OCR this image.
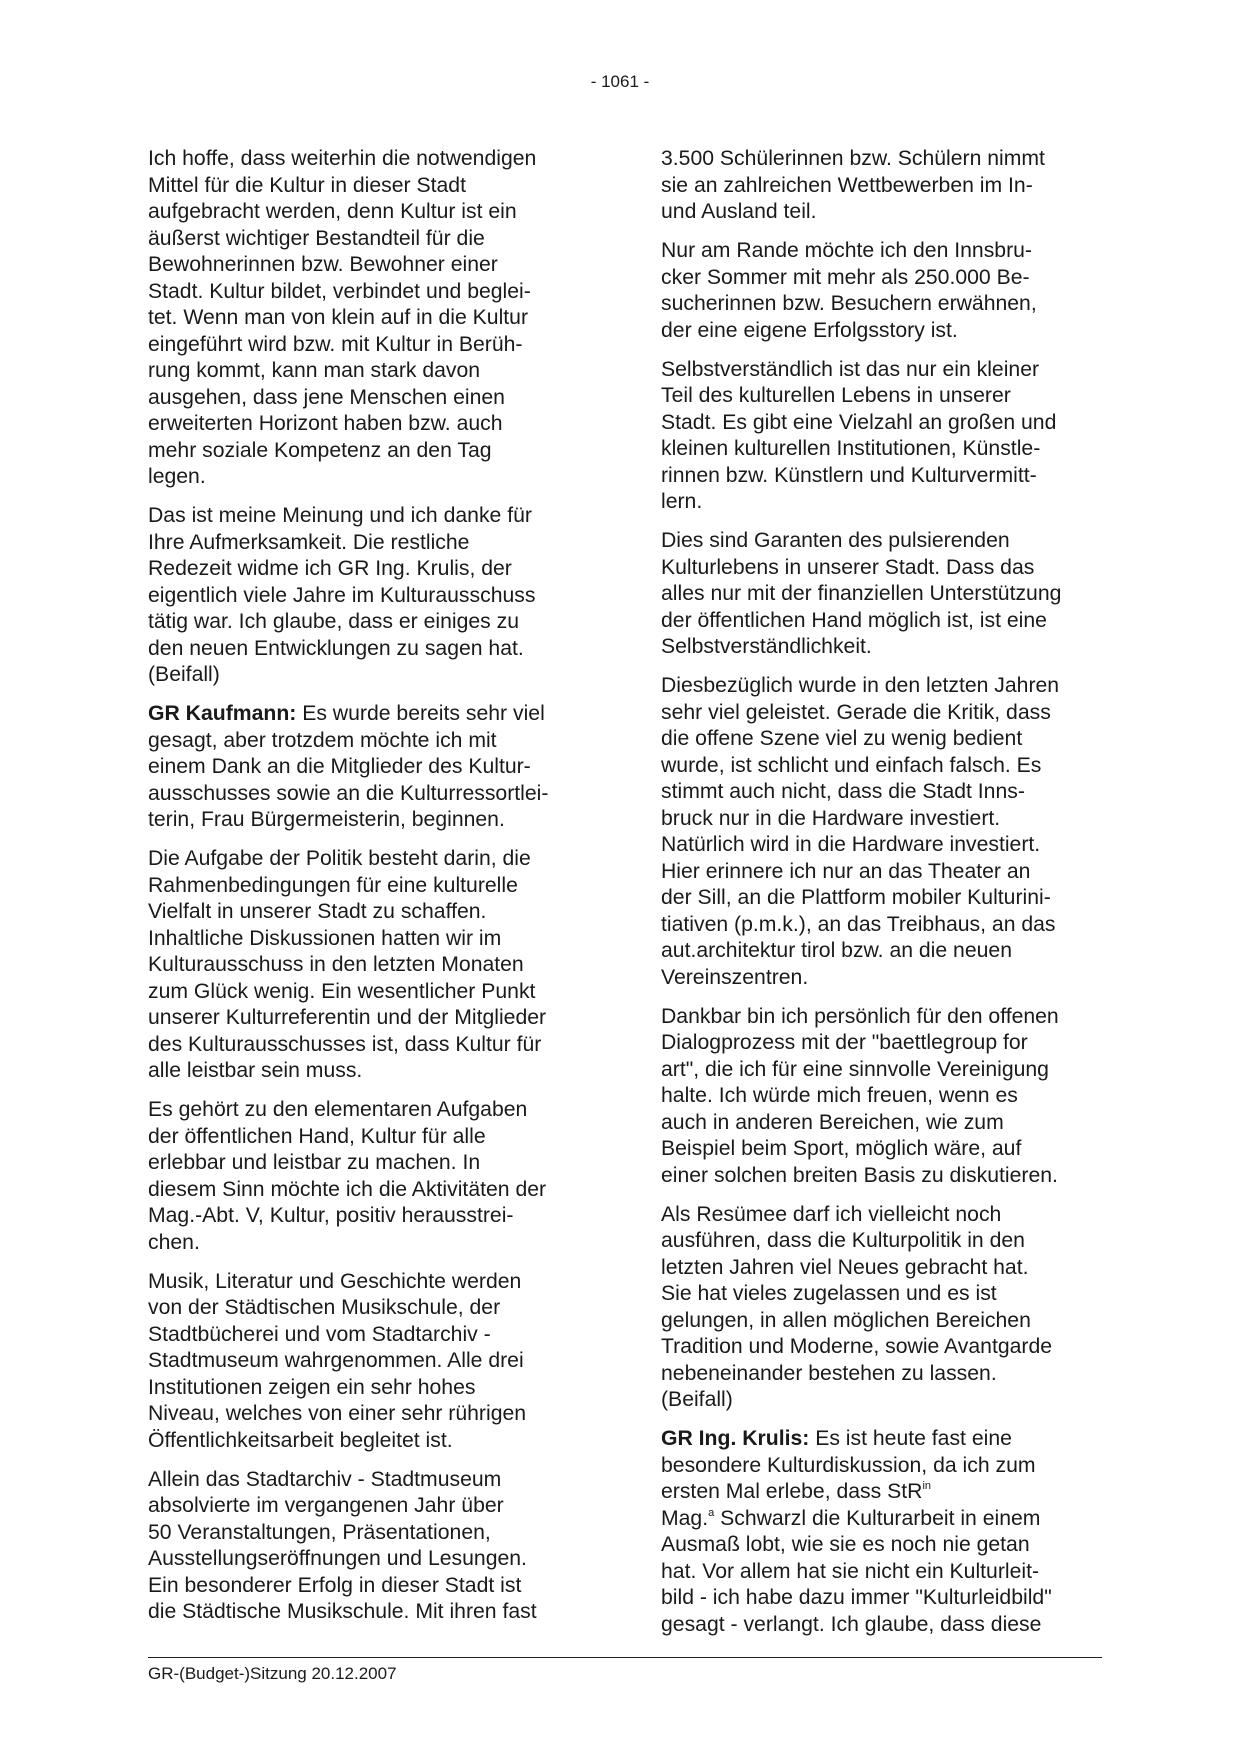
- 1061 -

Ich hoffe, dass weiterhin die notwendigen
Mittel für die Kultur in dieser Stadt
aufgebracht werden, denn Kultur ist ein
äußerst wichtiger Bestandteil für die
Bewohnerinnen bzw. Bewohner einer
Stadt. Kultur bildet, verbindet und beglei-
tet. Wenn man von klein auf in die Kultur
eingeführt wird bzw. mit Kultur in Berüh-
rung kommt, kann man stark davon
ausgehen, dass jene Menschen einen
erweiterten Horizont haben bzw. auch
mehr soziale Kompetenz an den Tag
legen.

Das ist meine Meinung und ich danke für
Ihre Aufmerksamkeit. Die restliche
Redezeit widme ich GR Ing. Krulis, der
eigentlich viele Jahre im Kulturausschuss
tätig war. Ich glaube, dass er einiges zu
den neuen Entwicklungen zu sagen hat.
(Beifall)

GR Kaufmann: Es wurde bereits sehr viel
gesagt, aber trotzdem möchte ich mit
einem Dank an die Mitglieder des Kultur-
ausschusses sowie an die Kulturressortlei-
terin, Frau Bürgermeisterin, beginnen.

Die Aufgabe der Politik besteht darin, die
Rahmenbedingungen für eine kulturelle
Vielfalt in unserer Stadt zu schaffen.
Inhaltliche Diskussionen hatten wir im
Kulturausschuss in den letzten Monaten
zum Glück wenig. Ein wesentlicher Punkt
unserer Kulturreferentin und der Mitglieder
des Kulturausschusses ist, dass Kultur für
alle leistbar sein muss.

Es gehört zu den elementaren Aufgaben
der öffentlichen Hand, Kultur für alle
erlebbar und leistbar zu machen. In
diesem Sinn möchte ich die Aktivitäten der
Mag.-Abt. V, Kultur, positiv herausstrei-
chen.

Musik, Literatur und Geschichte werden
von der Städtischen Musikschule, der
Stadtbücherei und vom Stadtarchiv -
Stadtmuseum wahrgenommen. Alle drei
Institutionen zeigen ein sehr hohes
Niveau, welches von einer sehr rührigen
Öffentlichkeitsarbeit begleitet ist.

Allein das Stadtarchiv - Stadtmuseum
absolvierte im vergangenen Jahr über
50 Veranstaltungen, Präsentationen,
Ausstellungseröffnungen und Lesungen.
Ein besonderer Erfolg in dieser Stadt ist
die Städtische Musikschule. Mit ihren fast

3.500 Schülerinnen bzw. Schülern nimmt
sie an zahlreichen Wettbewerben im In-
und Ausland teil.

Nur am Rande möchte ich den Innsbru-
cker Sommer mit mehr als 250.000 Be-
sucherinnen bzw. Besuchern erwähnen,
der eine eigene Erfolgsstory ist.

Selbstverständlich ist das nur ein kleiner
Teil des kulturellen Lebens in unserer
Stadt. Es gibt eine Vielzahl an großen und
kleinen kulturellen Institutionen, Künstle-
rinnen bzw. Künstlern und Kulturvermitt-
lern.

Dies sind Garanten des pulsierenden
Kulturlebens in unserer Stadt. Dass das
alles nur mit der finanziellen Unterstützung
der öffentlichen Hand möglich ist, ist eine
Selbstverständlichkeit.

Diesbezüglich wurde in den letzten Jahren
sehr viel geleistet. Gerade die Kritik, dass
die offene Szene viel zu wenig bedient
wurde, ist schlicht und einfach falsch. Es
stimmt auch nicht, dass die Stadt Inns-
bruck nur in die Hardware investiert.
Natürlich wird in die Hardware investiert.
Hier erinnere ich nur an das Theater an
der Sill, an die Plattform mobiler Kulturini-
tiativen (p.m.k.), an das Treibhaus, an das
aut.architektur tirol bzw. an die neuen
Vereinszentren.

Dankbar bin ich persönlich für den offenen
Dialogprozess mit der "baettlegroup for
art", die ich für eine sinnvolle Vereinigung
halte. Ich würde mich freuen, wenn es
auch in anderen Bereichen, wie zum
Beispiel beim Sport, möglich wäre, auf
einer solchen breiten Basis zu diskutieren.

Als Resümee darf ich vielleicht noch
ausführen, dass die Kulturpolitik in den
letzten Jahren viel Neues gebracht hat.
Sie hat vieles zugelassen und es ist
gelungen, in allen möglichen Bereichen
Tradition und Moderne, sowie Avantgarde
nebeneinander bestehen zu lassen.
(Beifall)

GR Ing. Krulis: Es ist heute fast eine
besondere Kulturdiskussion, da ich zum
ersten Mal erlebe, dass StR$^{in}$
Mag.$^a$ Schwarzl die Kulturarbeit in einem
Ausmaß lobt, wie sie es noch nie getan
hat. Vor allem hat sie nicht ein Kulturleit-
bild - ich habe dazu immer "Kulturleidbild"
gesagt - verlangt. Ich glaube, dass diese

GR-(Budget-)Sitzung 20.12.2007
